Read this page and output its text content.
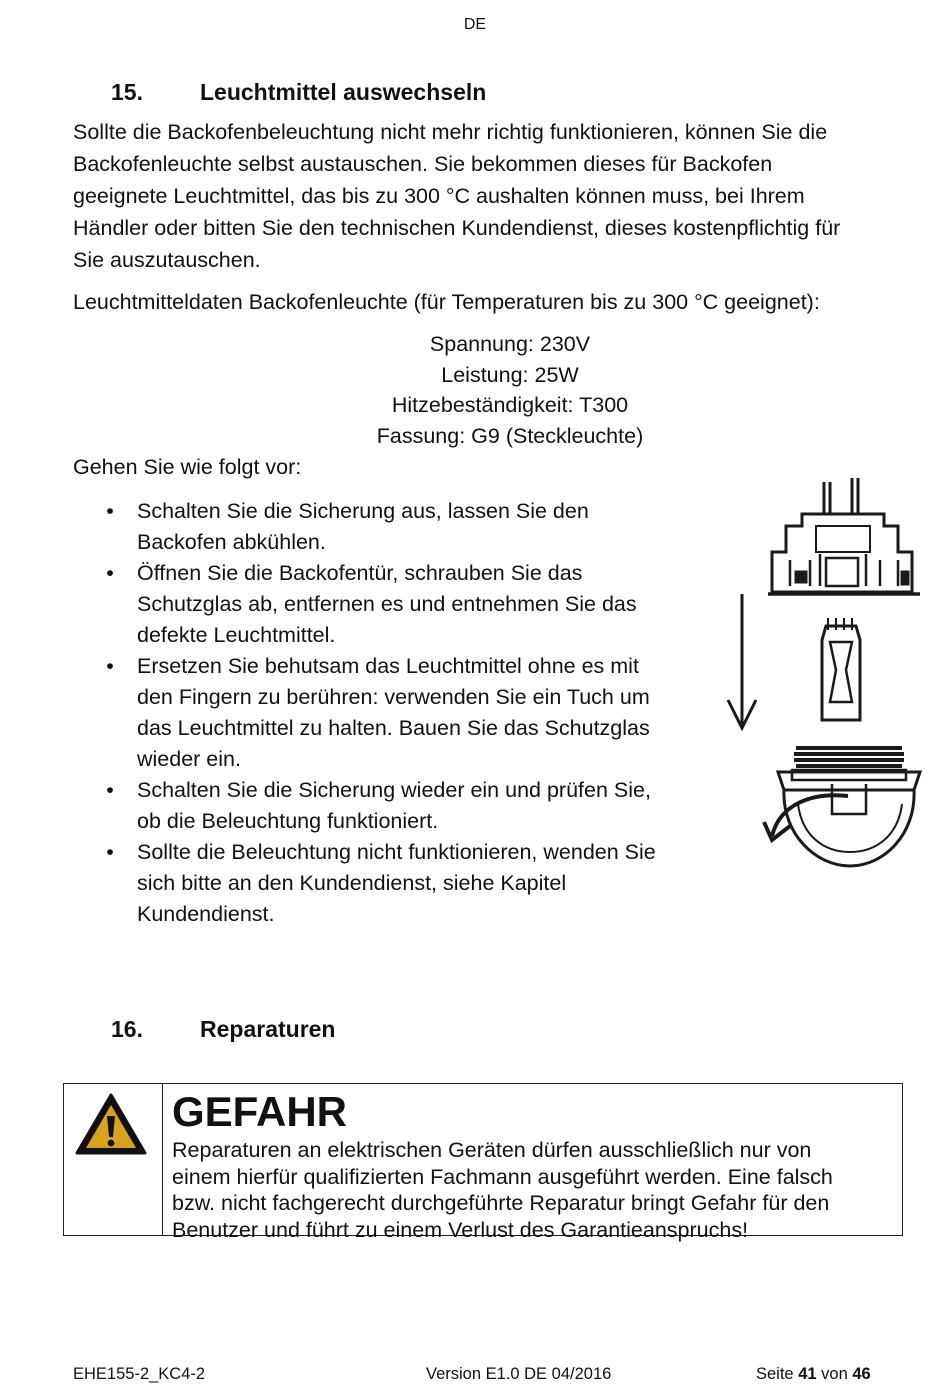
DE
15. Leuchtmittel auswechseln
Sollte die Backofenbeleuchtung nicht mehr richtig funktionieren, können Sie die
Backofenleuchte selbst austauschen. Sie bekommen dieses für Backofen
geeignete Leuchtmittel, das bis zu 300 °C aushalten können muss, bei Ihrem
Händler oder bitten Sie den technischen Kundendienst, dieses kostenpflichtig für
Sie auszutauschen.
Leuchtmitteldaten Backofenleuchte (für Temperaturen bis zu 300 °C geeignet):
Spannung: 230V
Leistung: 25W
Hitzebeständigkeit: T300
Fassung: G9 (Steckleuchte)
Gehen Sie wie folgt vor:
• Schalten Sie die Sicherung aus, lassen Sie den
Backofen abkühlen.
• Öffnen Sie die Backofentür, schrauben Sie das
Schutzglas ab, entfernen es und entnehmen Sie das
defekte Leuchtmittel.
• Ersetzen Sie behutsam das Leuchtmittel ohne es mit
den Fingern zu berühren: verwenden Sie ein Tuch um
das Leuchtmittel zu halten. Bauen Sie das Schutzglas
wieder ein.
• Schalten Sie die Sicherung wieder ein und prüfen Sie,
ob die Beleuchtung funktioniert.
• Sollte die Beleuchtung nicht funktionieren, wenden Sie
sich bitte an den Kundendienst, siehe Kapitel
Kundendienst.
16. Reparaturen
GEFAHR
Reparaturen an elektrischen Geräten dürfen ausschließlich nur von
einem hierfür qualifizierten Fachmann ausgeführt werden. Eine falsch
bzw. nicht fachgerecht durchgeführte Reparatur bringt Gefahr für den
Benutzer und führt zu einem Verlust des Garantieanspruchs!
EHE155-2_KC4-2	Version E1.0 DE 04/2016	Seite 41 von 46
